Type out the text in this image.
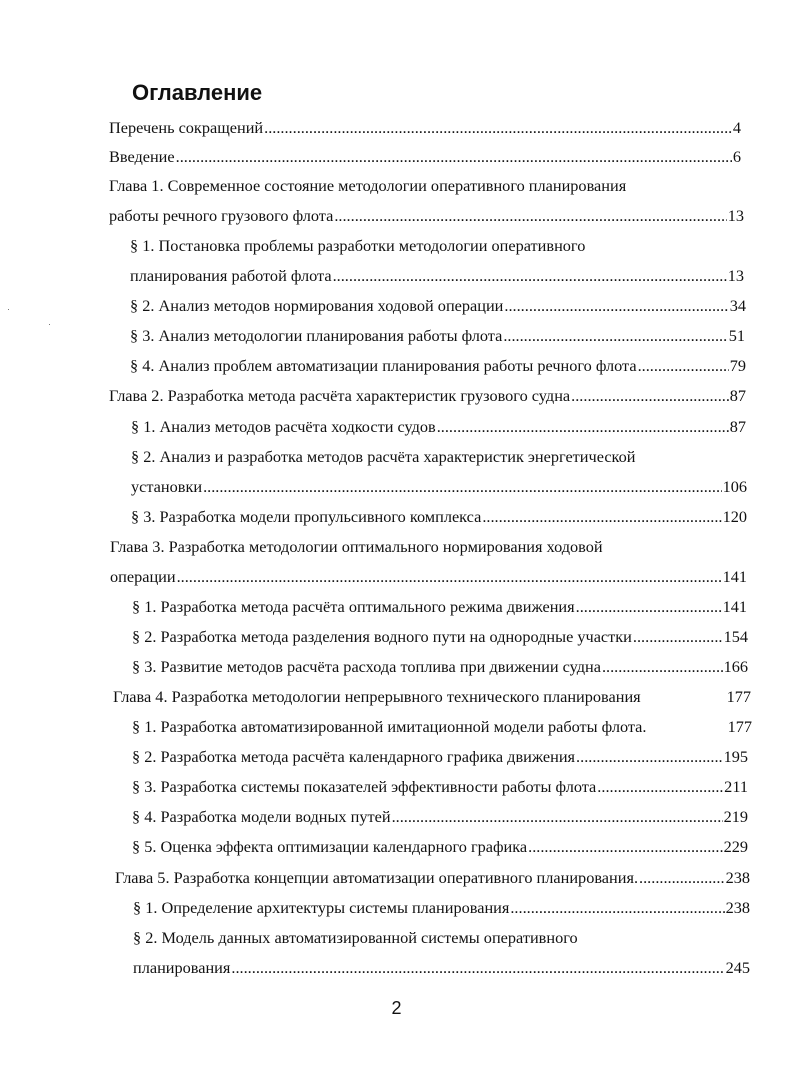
Оглавление
Перечень сокращений .....	4
Введение .....	6
Глава 1. Современное состояние методологии оперативного планирования
работы речного грузового флота .....	13
§ 1. Постановка проблемы разработки методологии оперативного
планирования работой флота .....	13
§ 2. Анализ методов нормирования ходовой операции .....	34
§ 3. Анализ методологии планирования работы флота .....	51
§ 4. Анализ проблем автоматизации планирования работы речного флота .....	79
Глава 2. Разработка метода расчёта характеристик грузового судна .....	87
§ 1. Анализ методов расчёта ходкости судов .....	87
§ 2. Анализ и разработка методов расчёта характеристик энергетической
установки .....	106
§ 3. Разработка модели пропульсивного комплекса .....	120
Глава 3. Разработка методологии оптимального нормирования ходовой
операции .....	141
§ 1. Разработка метода расчёта оптимального режима движения .....	141
§ 2. Разработка метода разделения водного пути на однородные участки .....	154
§ 3. Развитие методов расчёта расхода топлива при движении судна .....	166
Глава 4. Разработка методологии непрерывного технического планирования	177
§ 1. Разработка автоматизированной имитационной модели работы флота.	177
§ 2. Разработка метода расчёта календарного графика движения .....	195
§ 3. Разработка системы показателей эффективности работы флота .....	211
§ 4. Разработка модели водных путей .....	219
§ 5. Оценка эффекта оптимизации календарного графика .....	229
Глава 5. Разработка концепции автоматизации оперативного планирования. .....	238
§ 1. Определение архитектуры системы планирования .....	238
§ 2. Модель данных автоматизированной системы оперативного
планирования .....	245
2
